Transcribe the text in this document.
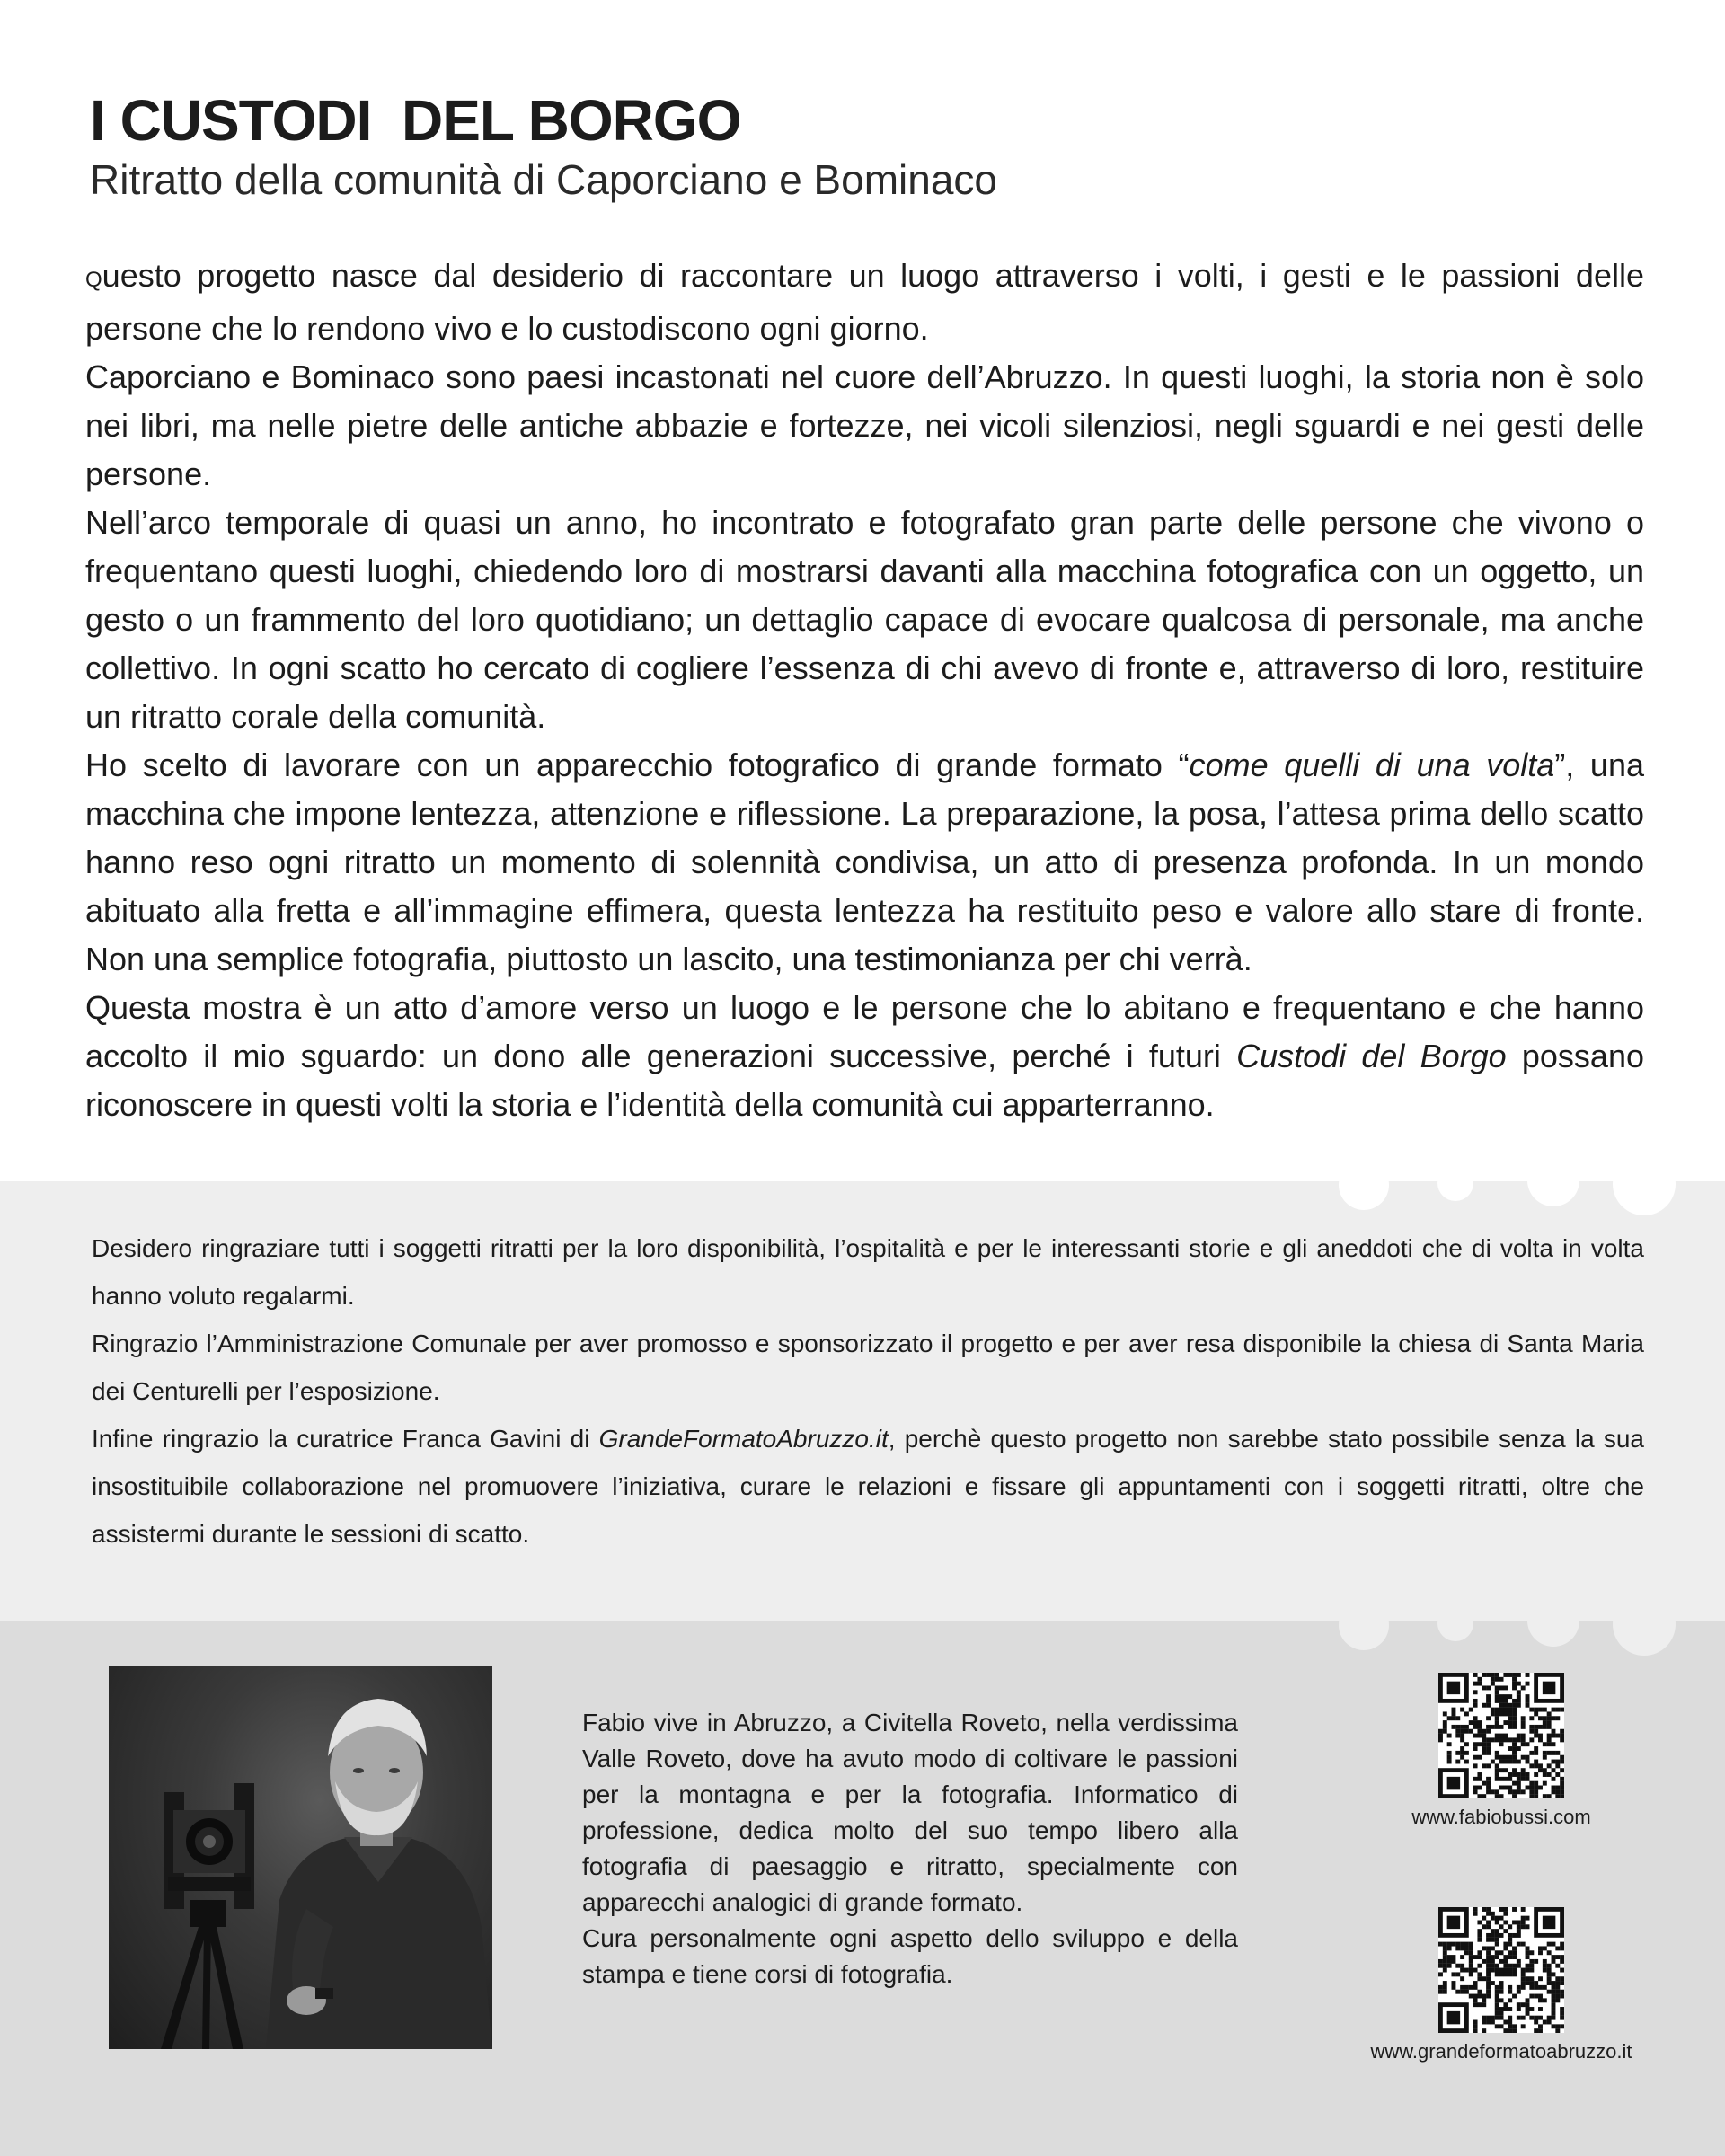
I CUSTODI  DEL BORGO
Ritratto della comunità di Caporciano e Bominaco

Questo progetto nasce dal desiderio di raccontare un luogo attraverso i volti, i gesti e le passioni delle persone che lo rendono vivo e lo custodiscono ogni giorno.

Caporciano e Bominaco sono paesi incastonati nel cuore dell’Abruzzo. In questi luoghi, la storia non è solo nei libri, ma nelle pietre delle antiche abbazie e fortezze, nei vicoli silenziosi, negli sguardi e nei gesti delle persone.

Nell’arco temporale di quasi un anno, ho incontrato e fotografato gran parte delle persone che vivono o frequentano questi luoghi, chiedendo loro di mostrarsi davanti alla macchina fotografica con un oggetto, un gesto o un frammento del loro quotidiano; un dettaglio capace di evocare qualcosa di personale, ma anche collettivo. In ogni scatto ho cercato di cogliere l’essenza di chi avevo di fronte e, attraverso di loro, restituire un ritratto corale della comunità.

Ho scelto di lavorare con un apparecchio fotografico di grande formato “come quelli di una volta”, una macchina che impone lentezza, attenzione e riflessione. La preparazione, la posa, l’attesa prima dello scatto hanno reso ogni ritratto un momento di solennità condivisa, un atto di presenza profonda. In un mondo abituato alla fretta e all’immagine effimera, questa lentezza ha restituito peso e valore allo stare di fronte. Non una semplice fotografia, piuttosto un lascito, una testimonianza per chi verrà.

Questa mostra è un atto d’amore verso un luogo e le persone che lo abitano e frequentano e che hanno accolto il mio sguardo: un dono alle generazioni successive, perché i futuri Custodi del Borgo possano riconoscere in questi volti la storia e l’identità della comunità cui apparterranno.

Desidero ringraziare tutti i soggetti ritratti per la loro disponibilità, l’ospitalità e per le interessanti storie e gli aneddoti che di volta in volta hanno voluto regalarmi.

Ringrazio l’Amministrazione Comunale per aver promosso e sponsorizzato il progetto e per aver resa disponibile la chiesa di Santa Maria dei Centurelli per l’esposizione.

Infine ringrazio la curatrice Franca Gavini di GrandeFormatoAbruzzo.it, perchè questo progetto non sarebbe stato possibile senza la sua insostituibile collaborazione nel promuovere l’iniziativa, curare le relazioni e fissare gli appuntamenti con i soggetti ritratti, oltre che assistermi durante le sessioni di scatto.

Fabio vive in Abruzzo, a Civitella Roveto, nella verdissima Valle Roveto, dove ha avuto modo di coltivare le passioni per la montagna e per la fotografia. Informatico di professione, dedica molto del suo tempo libero alla fotografia di paesaggio e ritratto, specialmente con apparecchi analogici di grande formato.

Cura personalmente ogni aspetto dello sviluppo e della stampa e tiene corsi di fotografia.

www.fabiobussi.com
www.grandeformatoabruzzo.it
